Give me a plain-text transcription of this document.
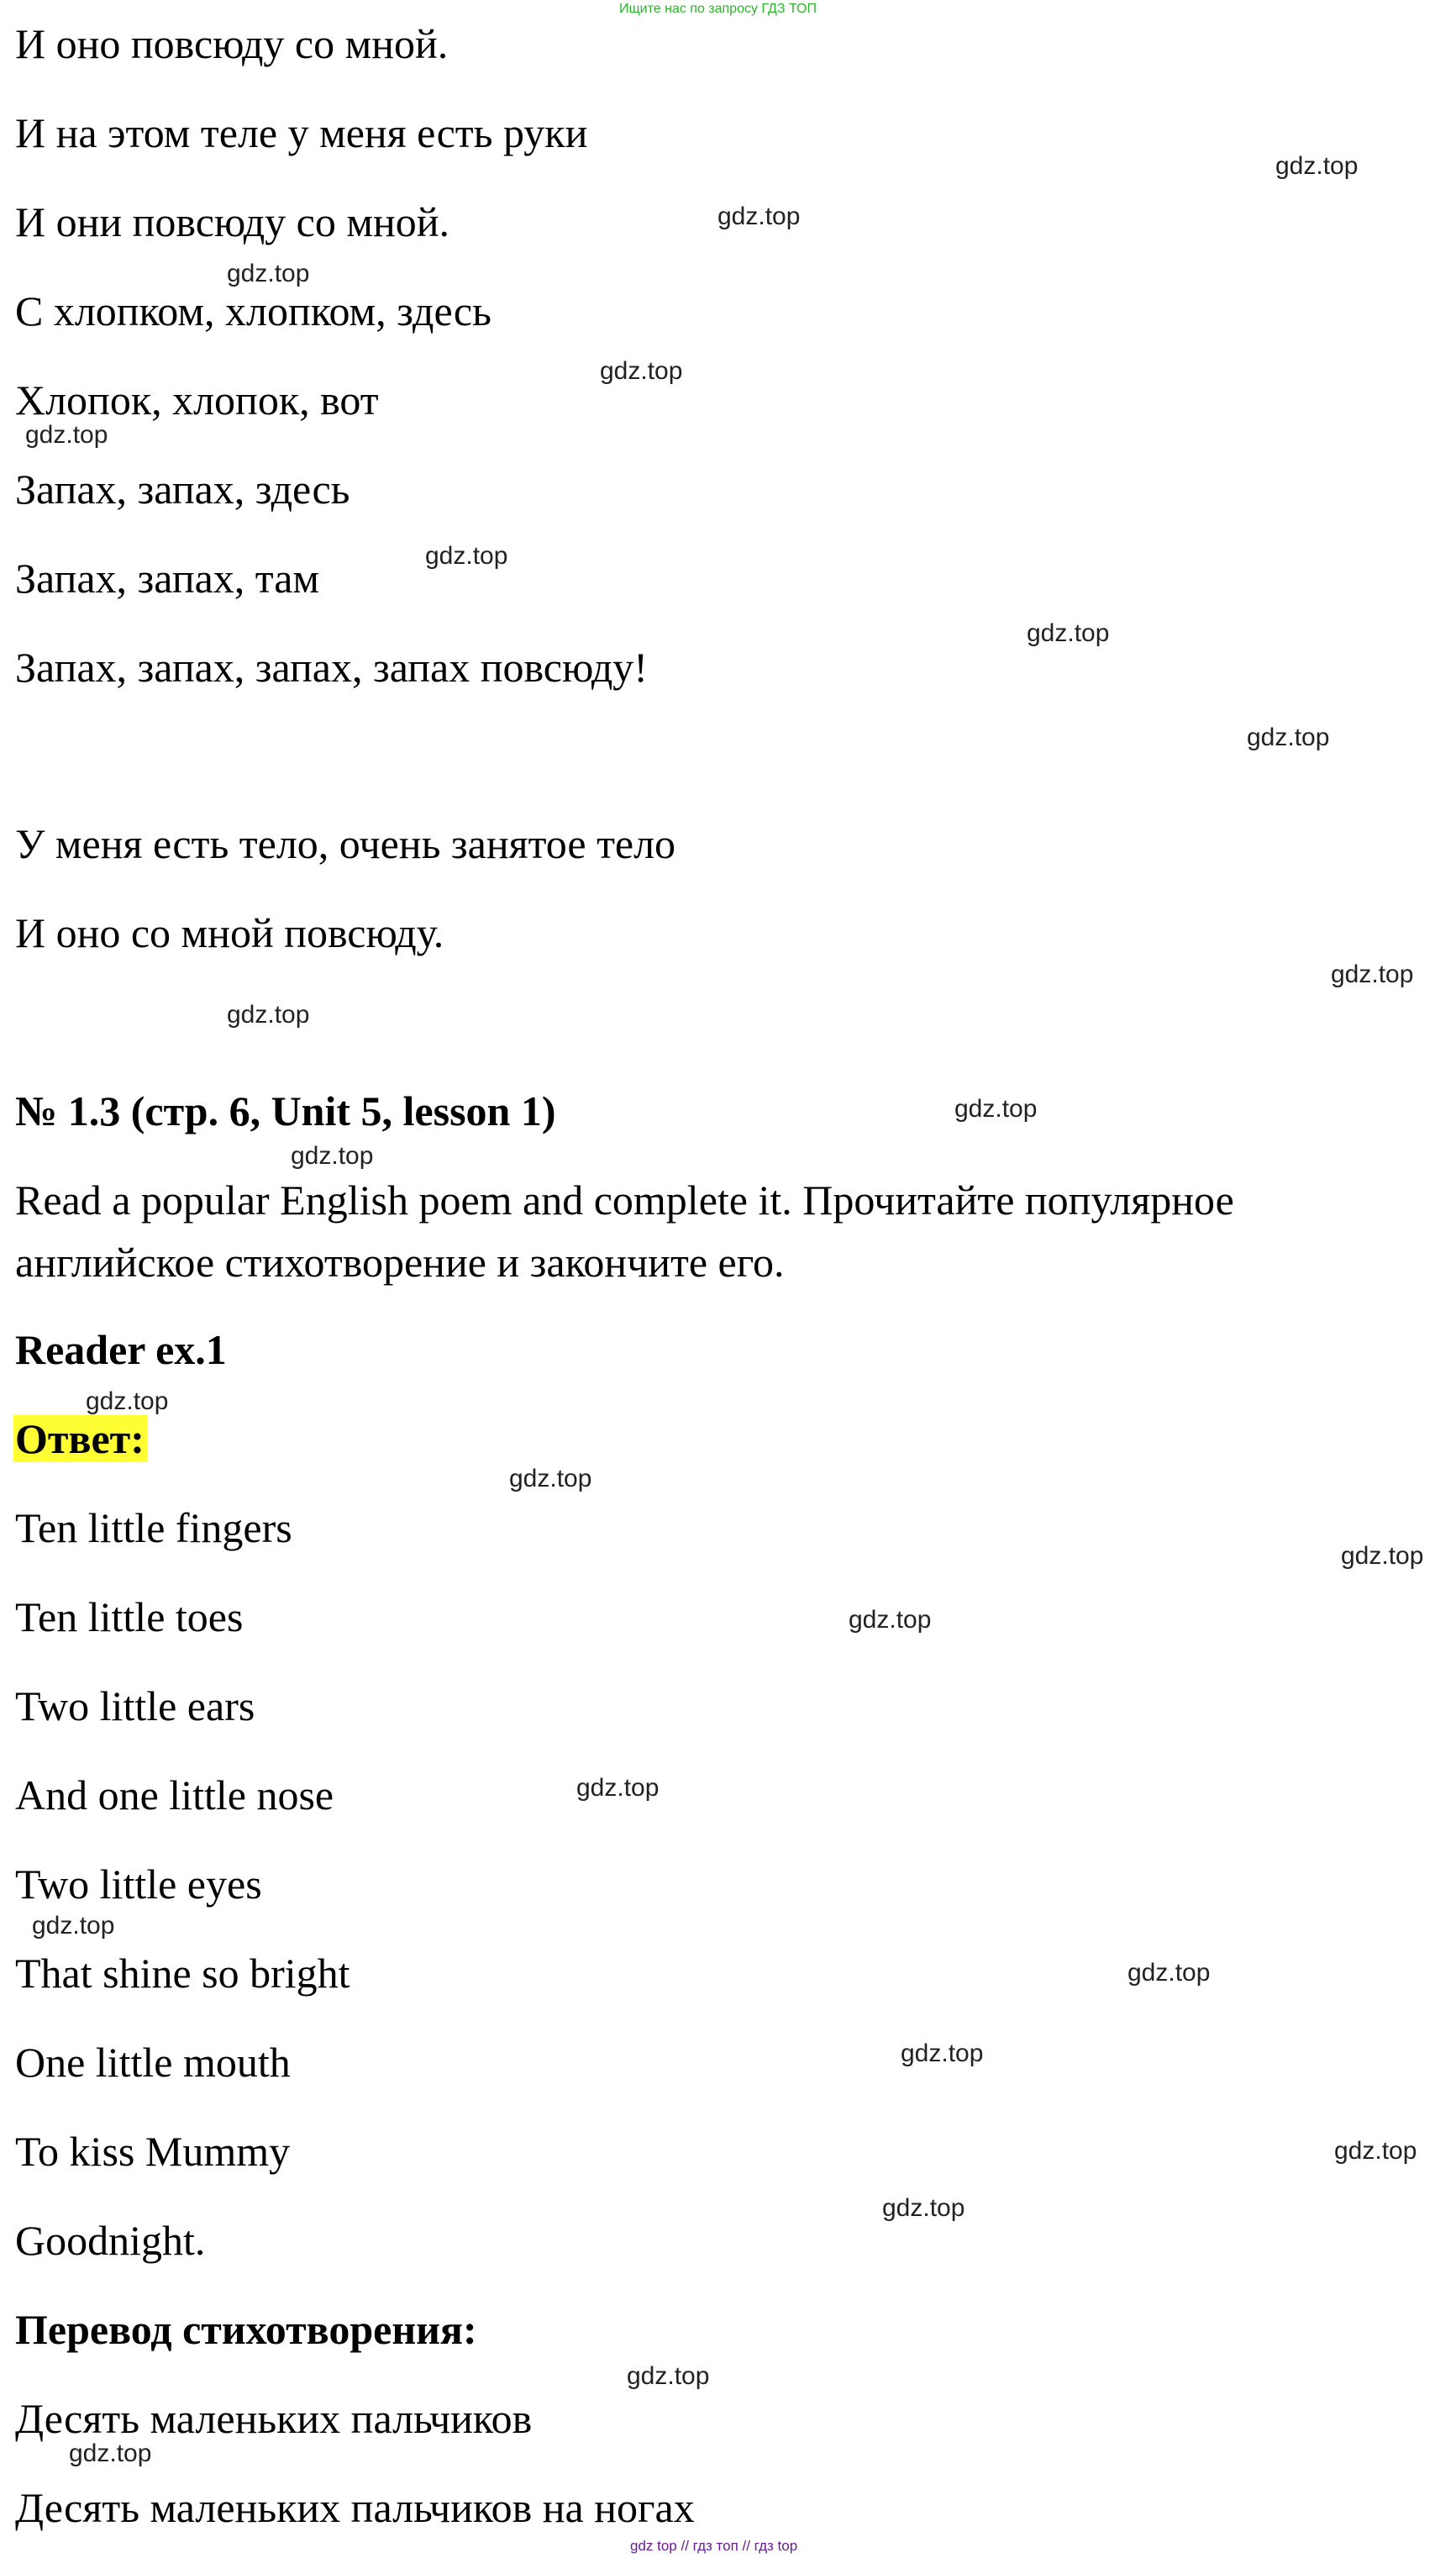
Ищите нас по запросу ГДЗ ТОП
И оно повсюду со мной.
И на этом теле у меня есть руки
И они повсюду со мной.
С хлопком, хлопком, здесь
Хлопок, хлопок, вот
Запах, запах, здесь
Запах, запах, там
Запах, запах, запах, запах повсюду!
У меня есть тело, очень занятое тело
И оно со мной повсюду.
№ 1.3 (стр. 6, Unit 5, lesson 1)
Read a popular English poem and complete it. Прочитайте популярное
английское стихотворение и закончите его.
Reader ex.1
Ответ:
Ten little fingers
Ten little toes
Two little ears
And one little nose
Two little eyes
That shine so bright
One little mouth
To kiss Mummy
Goodnight.
Перевод стихотворения:
Десять маленьких пальчиков
Десять маленьких пальчиков на ногах
gdz.top
gdz.top
gdz.top
gdz.top
gdz.top
gdz.top
gdz.top
gdz.top
gdz.top
gdz.top
gdz.top
gdz.top
gdz.top
gdz.top
gdz.top
gdz.top
gdz.top
gdz.top
gdz.top
gdz.top
gdz.top
gdz.top
gdz.top
gdz.top
gdz top // гдз топ // гдз top
